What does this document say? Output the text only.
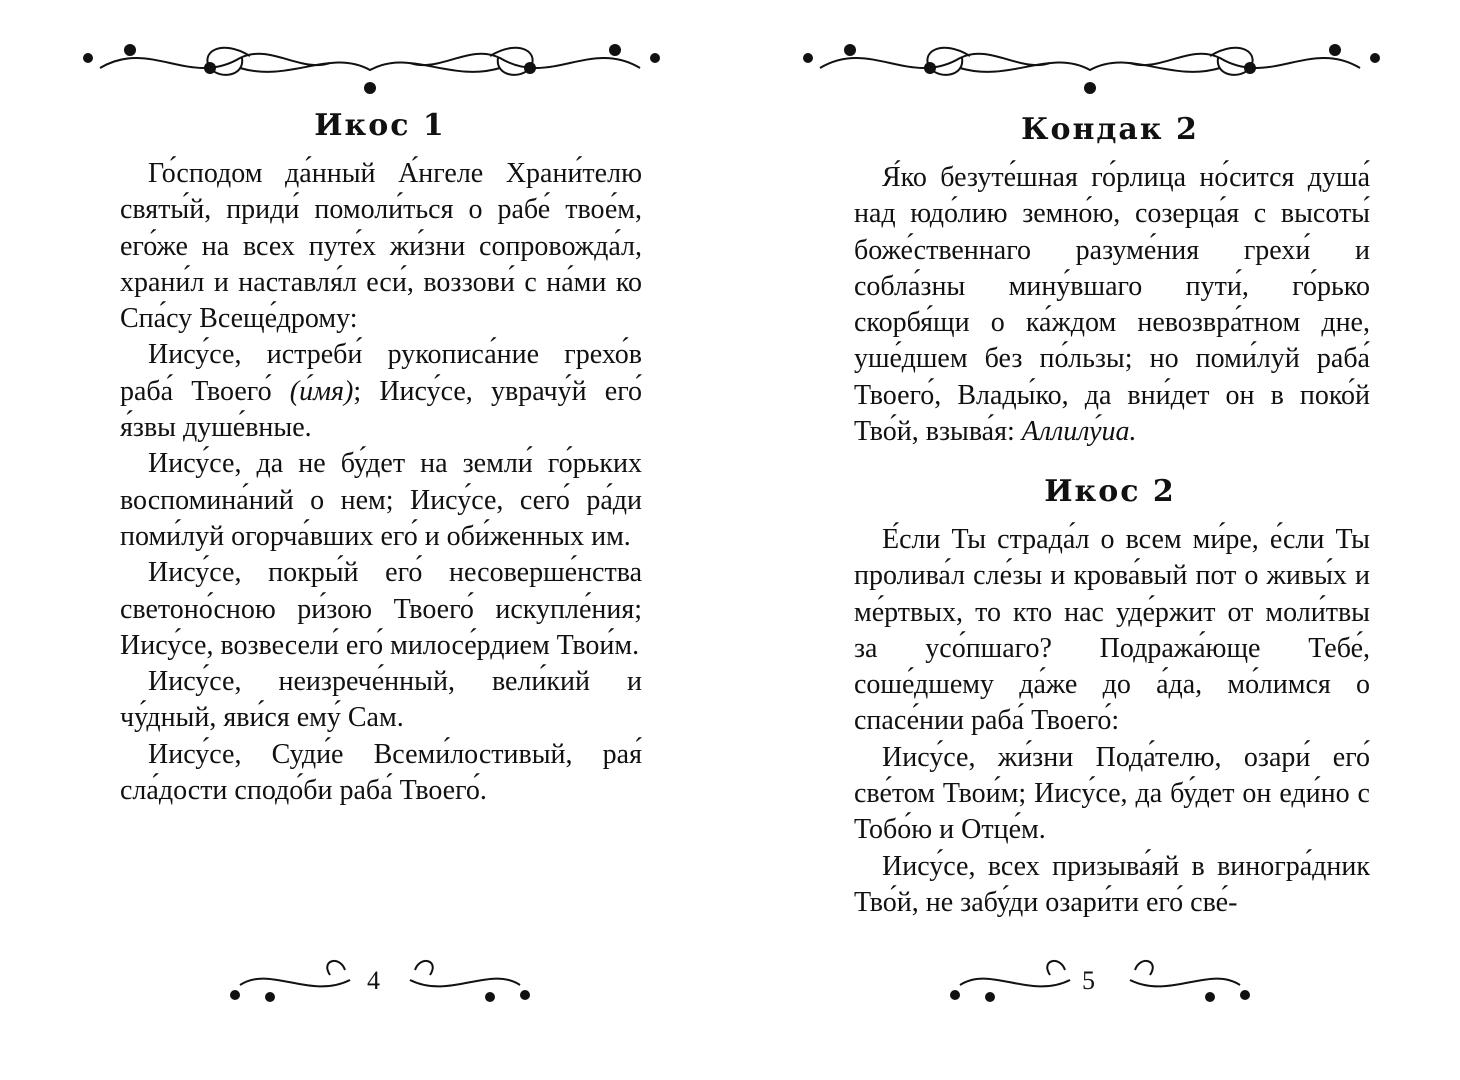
Икос 1

Го́сподом да́нный А́нгеле Храни́телю святы́й, приди́ помоли́ться о рабе́ твое́м, его́же на всех путе́х жи́зни сопровожда́л, храни́л и наставля́л еси́, воззови́ с на́ми ко Спа́су Всеще́дрому:

Иису́се, истреби́ рукописа́ние грехо́в раба́ Твоего́ (и́мя); Иису́се, уврачу́й его́ я́звы душе́вные.

Иису́се, да не бу́дет на земли́ го́рьких воспомина́ний о нем; Иису́се, сего́ ра́ди поми́луй огорча́вших его́ и оби́женных им.

Иису́се, покры́й его́ несоверше́нства светоно́сною ри́зою Твоего́ искупле́ния; Иису́се, возвесели́ его́ милосе́рдием Твои́м.

Иису́се, неизрече́нный, вели́кий и чу́дный, яви́ся ему́ Сам.

Иису́се, Суди́е Всеми́лостивый, рая́ сла́дости сподо́би раба́ Твоего́.

4
Кондак 2

Я́ко безуте́шная го́рлица но́сится душа́ над юдо́лию земно́ю, созерца́я с высоты́ боже́ственнаго разуме́ния грехи́ и собла́зны мину́вшаго пути́, го́рько скорбя́щи о ка́ждом невозвра́тном дне, уше́дшем без по́льзы; но поми́луй раба́ Твоего́, Влады́ко, да вни́дет он в поко́й Тво́й, взыва́я: Аллилу́иа.

Икос 2

Е́сли Ты страда́л о всем ми́ре, е́сли Ты пролива́л сле́зы и крова́вый пот о живы́х и ме́ртвых, то кто нас уде́ржит от моли́твы за усо́пшаго? Подража́юще Тебе́, соше́дшему да́же до а́да, мо́лимся о спасе́нии раба́ Твоего́:

Иису́се, жи́зни Пода́телю, озари́ его́ све́том Твои́м; Иису́се, да бу́дет он еди́но с Тобо́ю и Отце́м.

Иису́се, всех призыва́яй в виногра́дник Тво́й, не забу́ди озари́ти его́ све́-

5
